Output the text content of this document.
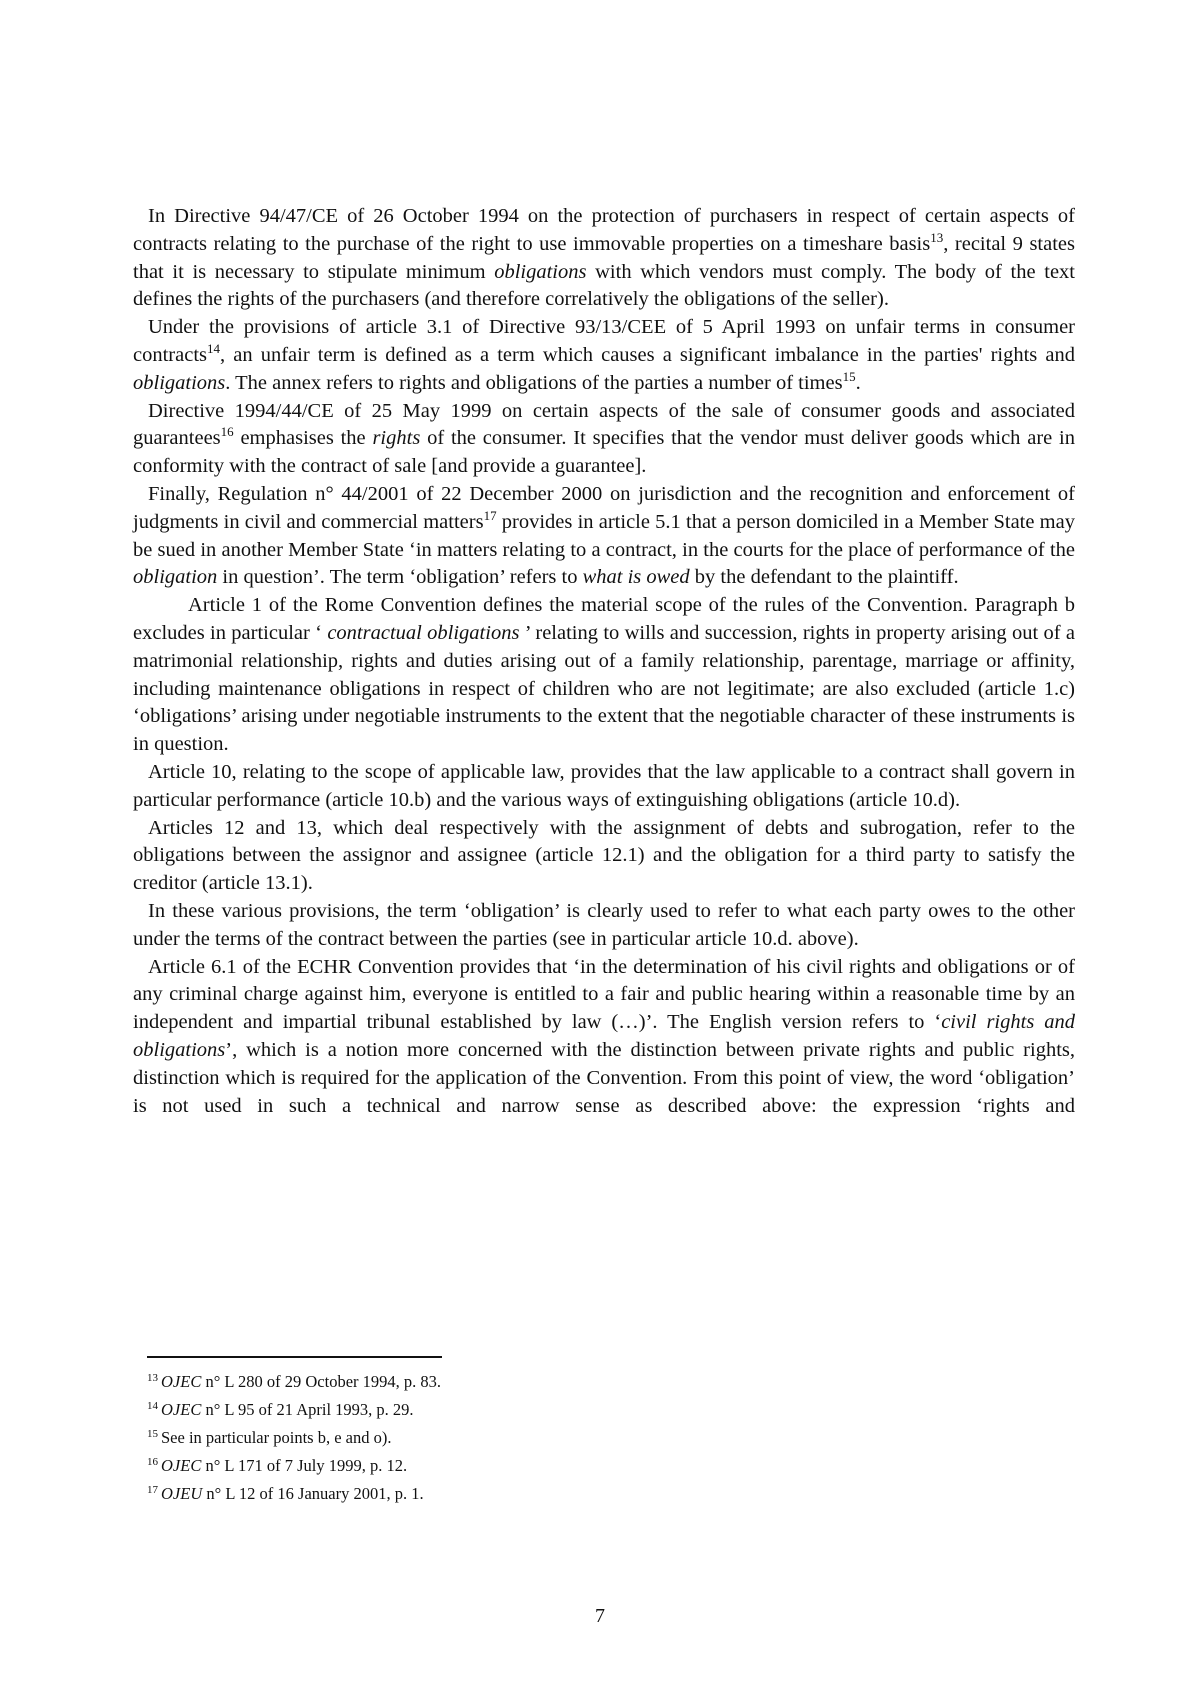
In Directive 94/47/CE of 26 October 1994 on the protection of purchasers in respect of certain aspects of contracts relating to the purchase of the right to use immovable properties on a timeshare basis$^{13}$, recital 9 states that it is necessary to stipulate minimum obligations with which vendors must comply. The body of the text defines the rights of the purchasers (and therefore correlatively the obligations of the seller).

Under the provisions of article 3.1 of Directive 93/13/CEE of 5 April 1993 on unfair terms in consumer contracts$^{14}$, an unfair term is defined as a term which causes a significant imbalance in the parties' rights and obligations. The annex refers to rights and obligations of the parties a number of times$^{15}$.

Directive 1994/44/CE of 25 May 1999 on certain aspects of the sale of consumer goods and associated guarantees$^{16}$ emphasises the rights of the consumer. It specifies that the vendor must deliver goods which are in conformity with the contract of sale [and provide a guarantee].

Finally, Regulation n° 44/2001 of 22 December 2000 on jurisdiction and the recognition and enforcement of judgments in civil and commercial matters$^{17}$ provides in article 5.1 that a person domiciled in a Member State may be sued in another Member State ‘in matters relating to a contract, in the courts for the place of performance of the obligation in question’. The term ‘obligation’ refers to what is owed by the defendant to the plaintiff.

Article 1 of the Rome Convention defines the material scope of the rules of the Convention. Paragraph b excludes in particular ‘ contractual obligations ’ relating to wills and succession, rights in property arising out of a matrimonial relationship, rights and duties arising out of a family relationship, parentage, marriage or affinity, including maintenance obligations in respect of children who are not legitimate; are also excluded (article 1.c) ‘obligations’ arising under negotiable instruments to the extent that the negotiable character of these instruments is in question.

Article 10, relating to the scope of applicable law, provides that the law applicable to a contract shall govern in particular performance (article 10.b) and the various ways of extinguishing obligations (article 10.d).

Articles 12 and 13, which deal respectively with the assignment of debts and subrogation, refer to the obligations between the assignor and assignee (article 12.1) and the obligation for a third party to satisfy the creditor (article 13.1).

In these various provisions, the term ‘obligation’ is clearly used to refer to what each party owes to the other under the terms of the contract between the parties (see in particular article 10.d. above).

Article 6.1 of the ECHR Convention provides that ‘in the determination of his civil rights and obligations or of any criminal charge against him, everyone is entitled to a fair and public hearing within a reasonable time by an independent and impartial tribunal established by law (…)’. The English version refers to ‘civil rights and obligations’, which is a notion more concerned with the distinction between private rights and public rights, distinction which is required for the application of the Convention. From this point of view, the word ‘obligation’ is not used in such a technical and narrow sense as described above: the expression ‘rights and

$^{13}$ OJEC n° L 280 of 29 October 1994, p. 83.

$^{14}$ OJEC n° L 95 of 21 April 1993, p. 29.

$^{15}$ See in particular points b, e and o).

$^{16}$ OJEC n° L 171 of 7 July 1999, p. 12.

$^{17}$ OJEU n° L 12 of 16 January 2001, p. 1.

7
